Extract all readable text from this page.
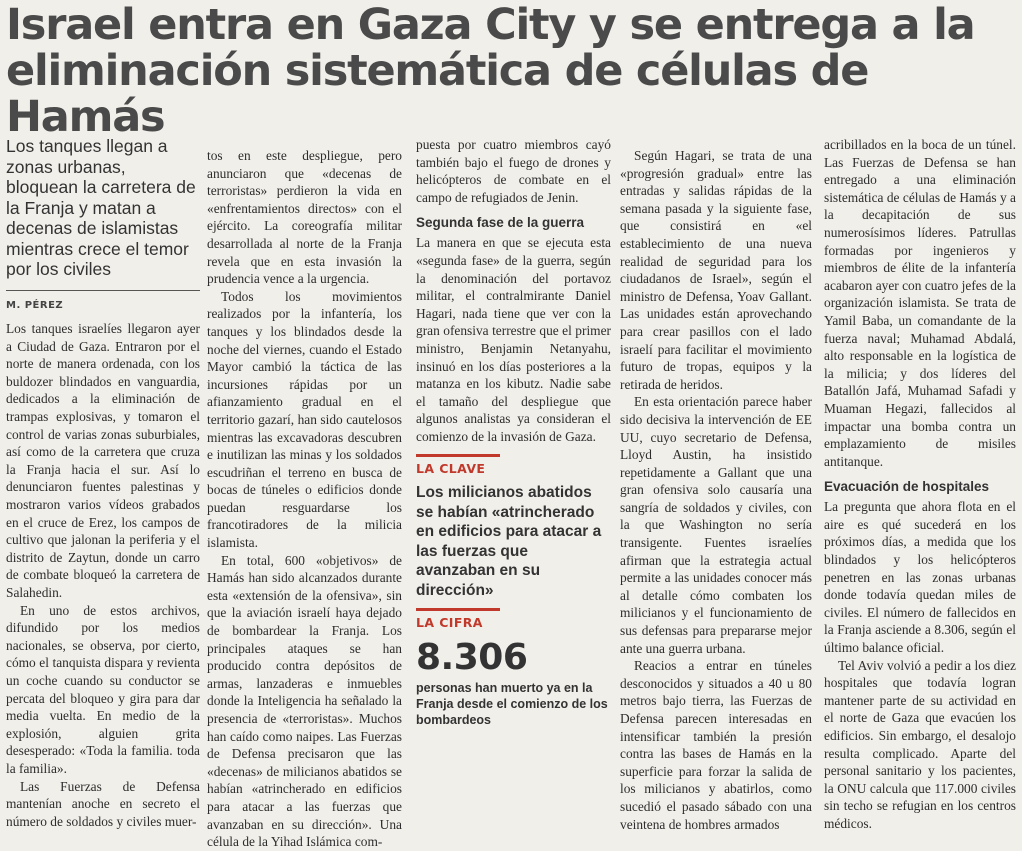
Israel entra en Gaza City y se entrega a la eliminación sistemática de células de Hamás
Los tanques llegan a zonas urbanas, bloquean la carretera de la Franja y matan a decenas de islamistas mientras crece el temor por los civiles
M. PÉREZ

Los tanques israelíes llegaron ayer a Ciudad de Gaza. Entraron por el norte de manera ordenada, con los buldozer blindados en vanguardia, dedicados a la eliminación de trampas explosivas, y tomaron el control de varias zonas suburbiales, así como de la carretera que cruza la Franja hacia el sur. Así lo denunciaron fuentes palestinas y mostraron varios vídeos grabados en el cruce de Erez, los campos de cultivo que jalonan la periferia y el distrito de Zaytun, donde un carro de combate bloqueó la carretera de Salahedin.

En uno de estos archivos, difundido por los medios nacionales, se observa, por cierto, cómo el tanquista dispara y revienta un coche cuando su conductor se percata del bloqueo y gira para dar media vuelta. En medio de la explosión, alguien grita desesperado: «Toda la familia. toda la familia».

Las Fuerzas de Defensa mantenían anoche en secreto el número de soldados y civiles muer-

tos en este despliegue, pero anunciaron que «decenas de terroristas» perdieron la vida en «enfrentamientos directos» con el ejército. La coreografía militar desarrollada al norte de la Franja revela que en esta invasión la prudencia vence a la urgencia.

Todos los movimientos realizados por la infantería, los tanques y los blindados desde la noche del viernes, cuando el Estado Mayor cambió la táctica de las incursiones rápidas por un afianzamiento gradual en el territorio gazarí, han sido cautelosos mientras las excavadoras descubren e inutilizan las minas y los soldados escudriñan el terreno en busca de bocas de túneles o edificios donde puedan resguardarse los francotiradores de la milicia islamista.

En total, 600 «objetivos» de Hamás han sido alcanzados durante esta «extensión de la ofensiva», sin que la aviación israelí haya dejado de bombardear la Franja. Los principales ataques se han producido contra depósitos de armas, lanzaderas e inmuebles donde la Inteligencia ha señalado la presencia de «terroristas». Muchos han caído como naipes. Las Fuerzas de Defensa precisaron que las «decenas» de milicianos abatidos se habían «atrincherado en edificios para atacar a las fuerzas que avanzaban en su dirección». Una célula de la Yihad Islámica com-

puesta por cuatro miembros cayó también bajo el fuego de drones y helicópteros de combate en el campo de refugiados de Jenin.

Segunda fase de la guerra

La manera en que se ejecuta esta «segunda fase» de la guerra, según la denominación del portavoz militar, el contralmirante Daniel Hagari, nada tiene que ver con la gran ofensiva terrestre que el primer ministro, Benjamin Netanyahu, insinuó en los días posteriores a la matanza en los kibutz. Nadie sabe el tamaño del despliegue que algunos analistas ya consideran el comienzo de la invasión de Gaza.

LA CLAVE
Los milicianos abatidos se habían «atrincherado en edificios para atacar a las fuerzas que avanzaban en su dirección»
LA CIFRA
8.306
personas han muerto ya en la Franja desde el comienzo de los bombardeos

Según Hagari, se trata de una «progresión gradual» entre las entradas y salidas rápidas de la semana pasada y la siguiente fase, que consistirá en «el establecimiento de una nueva realidad de seguridad para los ciudadanos de Israel», según el ministro de Defensa, Yoav Gallant. Las unidades están aprovechando para crear pasillos con el lado israelí para facilitar el movimiento futuro de tropas, equipos y la retirada de heridos.

En esta orientación parece haber sido decisiva la intervención de EE UU, cuyo secretario de Defensa, Lloyd Austin, ha insistido repetidamente a Gallant que una gran ofensiva solo causaría una sangría de soldados y civiles, con la que Washington no sería transigente. Fuentes israelíes afirman que la estrategia actual permite a las unidades conocer más al detalle cómo combaten los milicianos y el funcionamiento de sus defensas para prepararse mejor ante una guerra urbana.

Reacios a entrar en túneles desconocidos y situados a 40 u 80 metros bajo tierra, las Fuerzas de Defensa parecen interesadas en intensificar también la presión contra las bases de Hamás en la superficie para forzar la salida de los milicianos y abatirlos, como sucedió el pasado sábado con una veintena de hombres armados

acribillados en la boca de un túnel. Las Fuerzas de Defensa se han entregado a una eliminación sistemática de células de Hamás y a la decapitación de sus numerosísimos líderes. Patrullas formadas por ingenieros y miembros de élite de la infantería acabaron ayer con cuatro jefes de la organización islamista. Se trata de Yamil Baba, un comandante de la fuerza naval; Muhamad Abdalá, alto responsable en la logística de la milicia; y dos líderes del Batallón Jafá, Muhamad Safadi y Muaman Hegazi, fallecidos al impactar una bomba contra un emplazamiento de misiles antitanque.

Evacuación de hospitales

La pregunta que ahora flota en el aire es qué sucederá en los próximos días, a medida que los blindados y los helicópteros penetren en las zonas urbanas donde todavía quedan miles de civiles. El número de fallecidos en la Franja asciende a 8.306, según el último balance oficial.

Tel Aviv volvió a pedir a los diez hospitales que todavía logran mantener parte de su actividad en el norte de Gaza que evacúen los edificios. Sin embargo, el desalojo resulta complicado. Aparte del personal sanitario y los pacientes, la ONU calcula que 117.000 civiles sin techo se refugian en los centros médicos.
